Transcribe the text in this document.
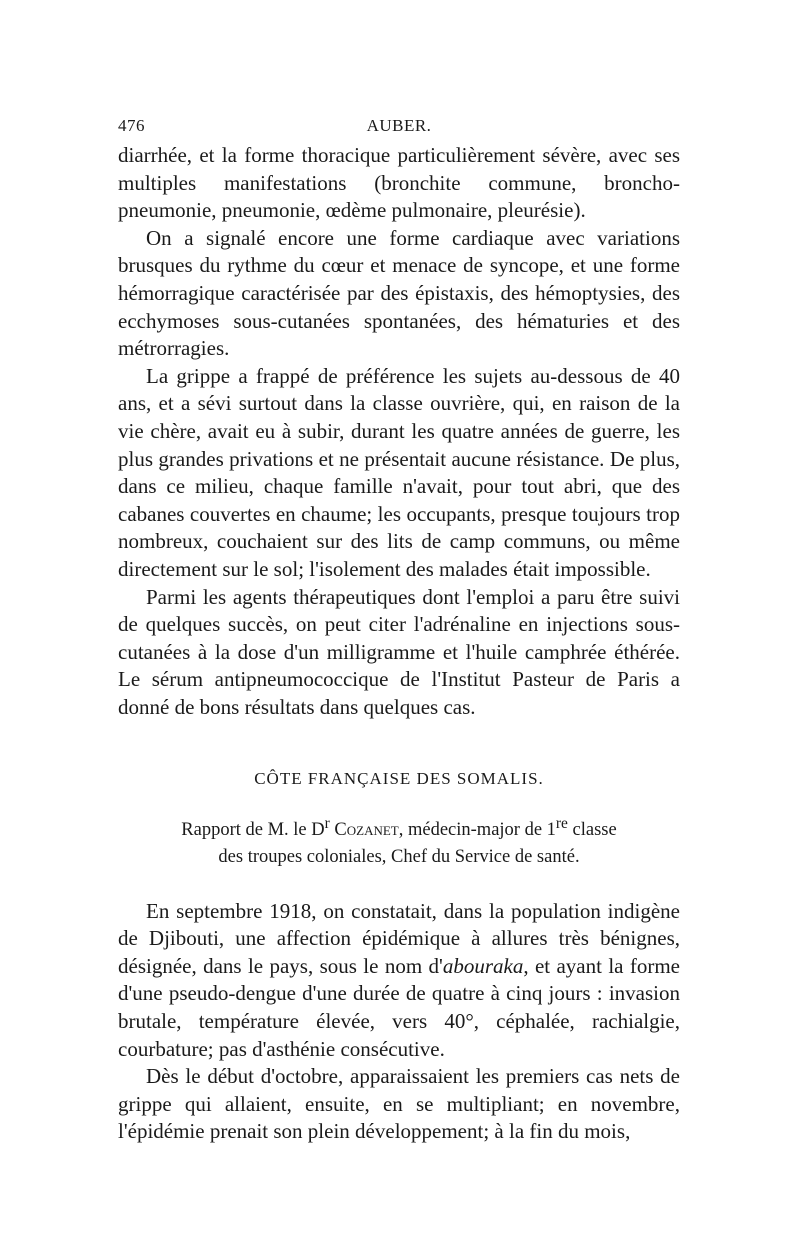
476	AUBER.

diarrhée, et la forme thoracique particulièrement sévère, avec ses multiples manifestations (bronchite commune, broncho-pneumonie, pneumonie, œdème pulmonaire, pleurésie).

On a signalé encore une forme cardiaque avec variations brusques du rythme du cœur et menace de syncope, et une forme hémorragique caractérisée par des épistaxis, des hémoptysies, des ecchymoses sous-cutanées spontanées, des hématuries et des métrorragies.

La grippe a frappé de préférence les sujets au-dessous de 40 ans, et a sévi surtout dans la classe ouvrière, qui, en raison de la vie chère, avait eu à subir, durant les quatre années de guerre, les plus grandes privations et ne présentait aucune résistance. De plus, dans ce milieu, chaque famille n'avait, pour tout abri, que des cabanes couvertes en chaume; les occupants, presque toujours trop nombreux, couchaient sur des lits de camp communs, ou même directement sur le sol; l'isolement des malades était impossible.

Parmi les agents thérapeutiques dont l'emploi a paru être suivi de quelques succès, on peut citer l'adrénaline en injections sous-cutanées à la dose d'un milligramme et l'huile camphrée éthérée. Le sérum antipneumococcique de l'Institut Pasteur de Paris a donné de bons résultats dans quelques cas.

CÔTE FRANÇAISE DES SOMALIS.
Rapport de M. le $D^r$ Cozanet, médecin-major de 1re classe
des troupes coloniales, Chef du Service de santé.

En septembre 1918, on constatait, dans la population indigène de Djibouti, une affection épidémique à allures très bénignes, désignée, dans le pays, sous le nom d'abouraka, et ayant la forme d'une pseudo-dengue d'une durée de quatre à cinq jours : invasion brutale, température élevée, vers 40°, céphalée, rachialgie, courbature; pas d'asthénie consécutive.

Dès le début d'octobre, apparaissaient les premiers cas nets de grippe qui allaient, ensuite, en se multipliant; en novembre, l'épidémie prenait son plein développement; à la fin du mois,
